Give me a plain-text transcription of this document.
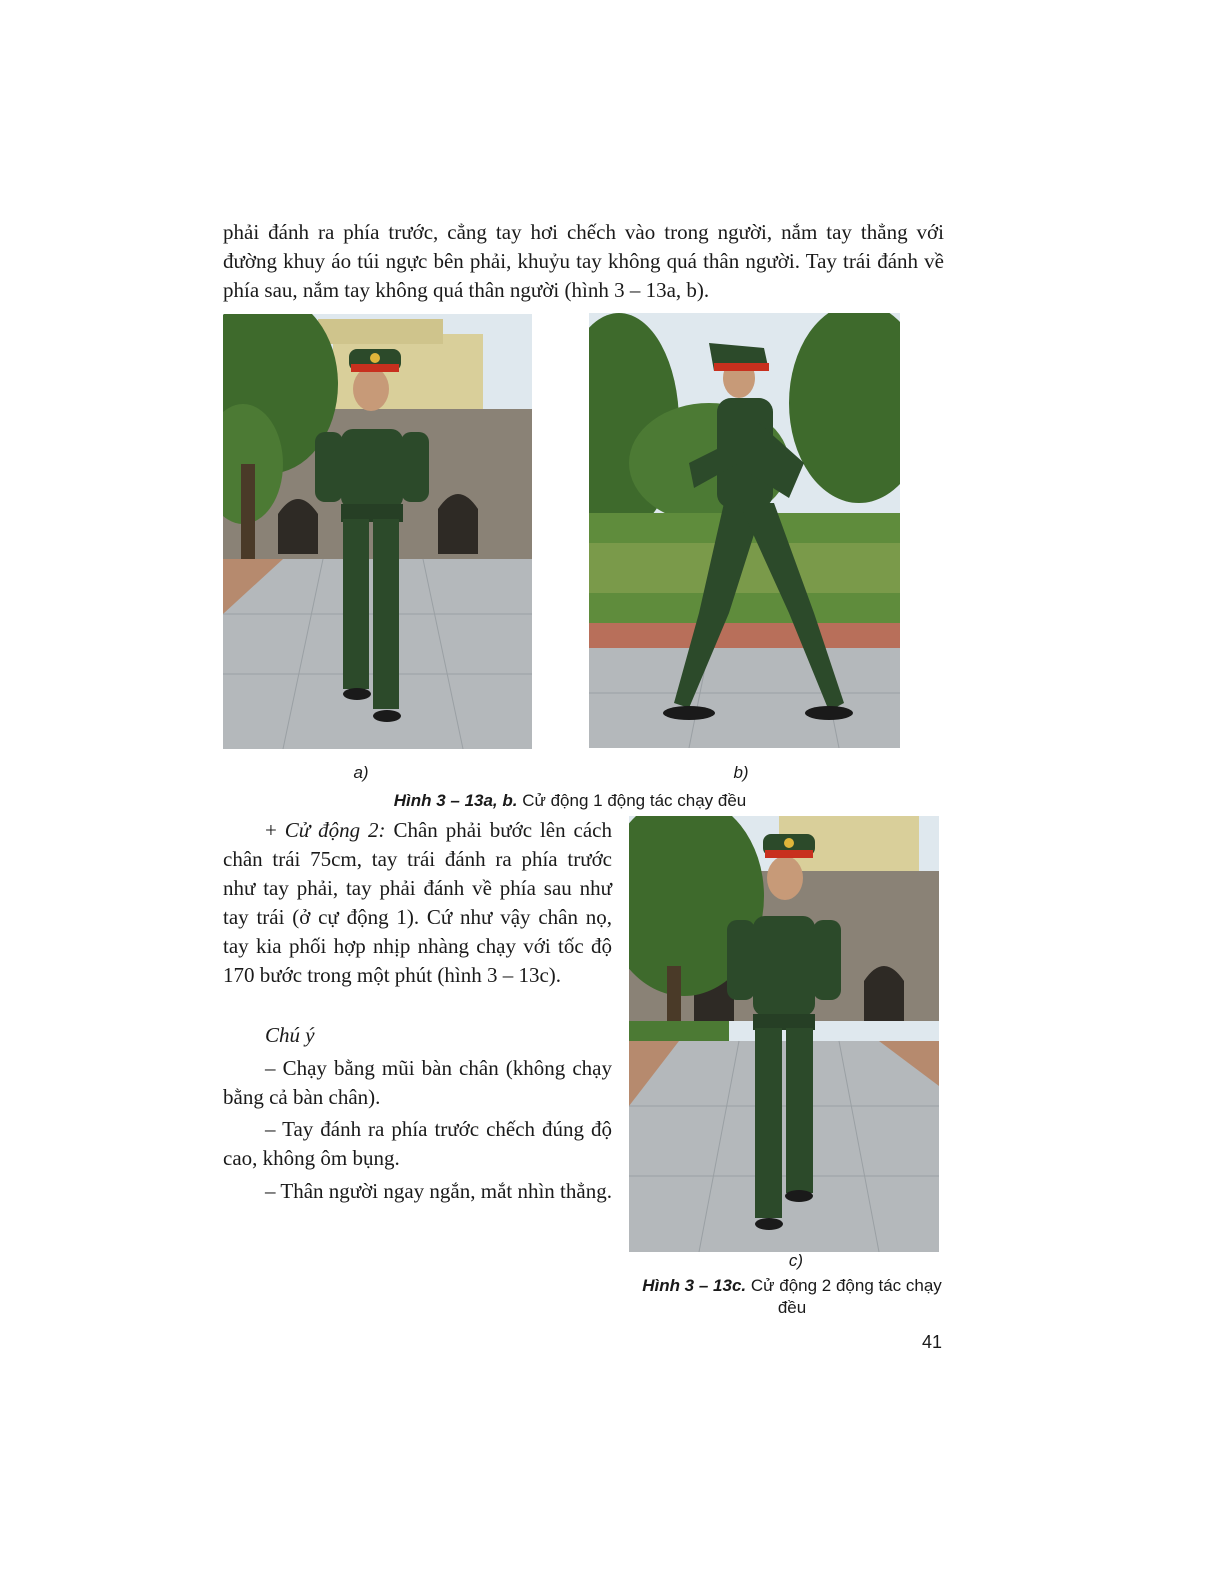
phải đánh ra phía trước, cẳng tay hơi chếch vào trong người, nắm tay thẳng với đường khuy áo túi ngực bên phải, khuỷu tay không quá thân người. Tay trái đánh về phía sau, nắm tay không quá thân người (hình 3 – 13a, b).

a)	b)

Hình 3 – 13a, b. Cử động 1 động tác chạy đều

+ Cử động 2: Chân phải bước lên cách chân trái 75cm, tay trái đánh ra phía trước như tay phải, tay phải đánh về phía sau như tay trái (ở cự động 1). Cứ như vậy chân nọ, tay kia phối hợp nhịp nhàng chạy với tốc độ 170 bước trong một phút (hình 3 – 13c).

Chú ý

– Chạy bằng mũi bàn chân (không chạy bằng cả bàn chân).

– Tay đánh ra phía trước chếch đúng độ cao, không ôm bụng.

– Thân người ngay ngắn, mắt nhìn thẳng.

c)

Hình 3 – 13c. Cử động 2 động tác chạy đều

41
